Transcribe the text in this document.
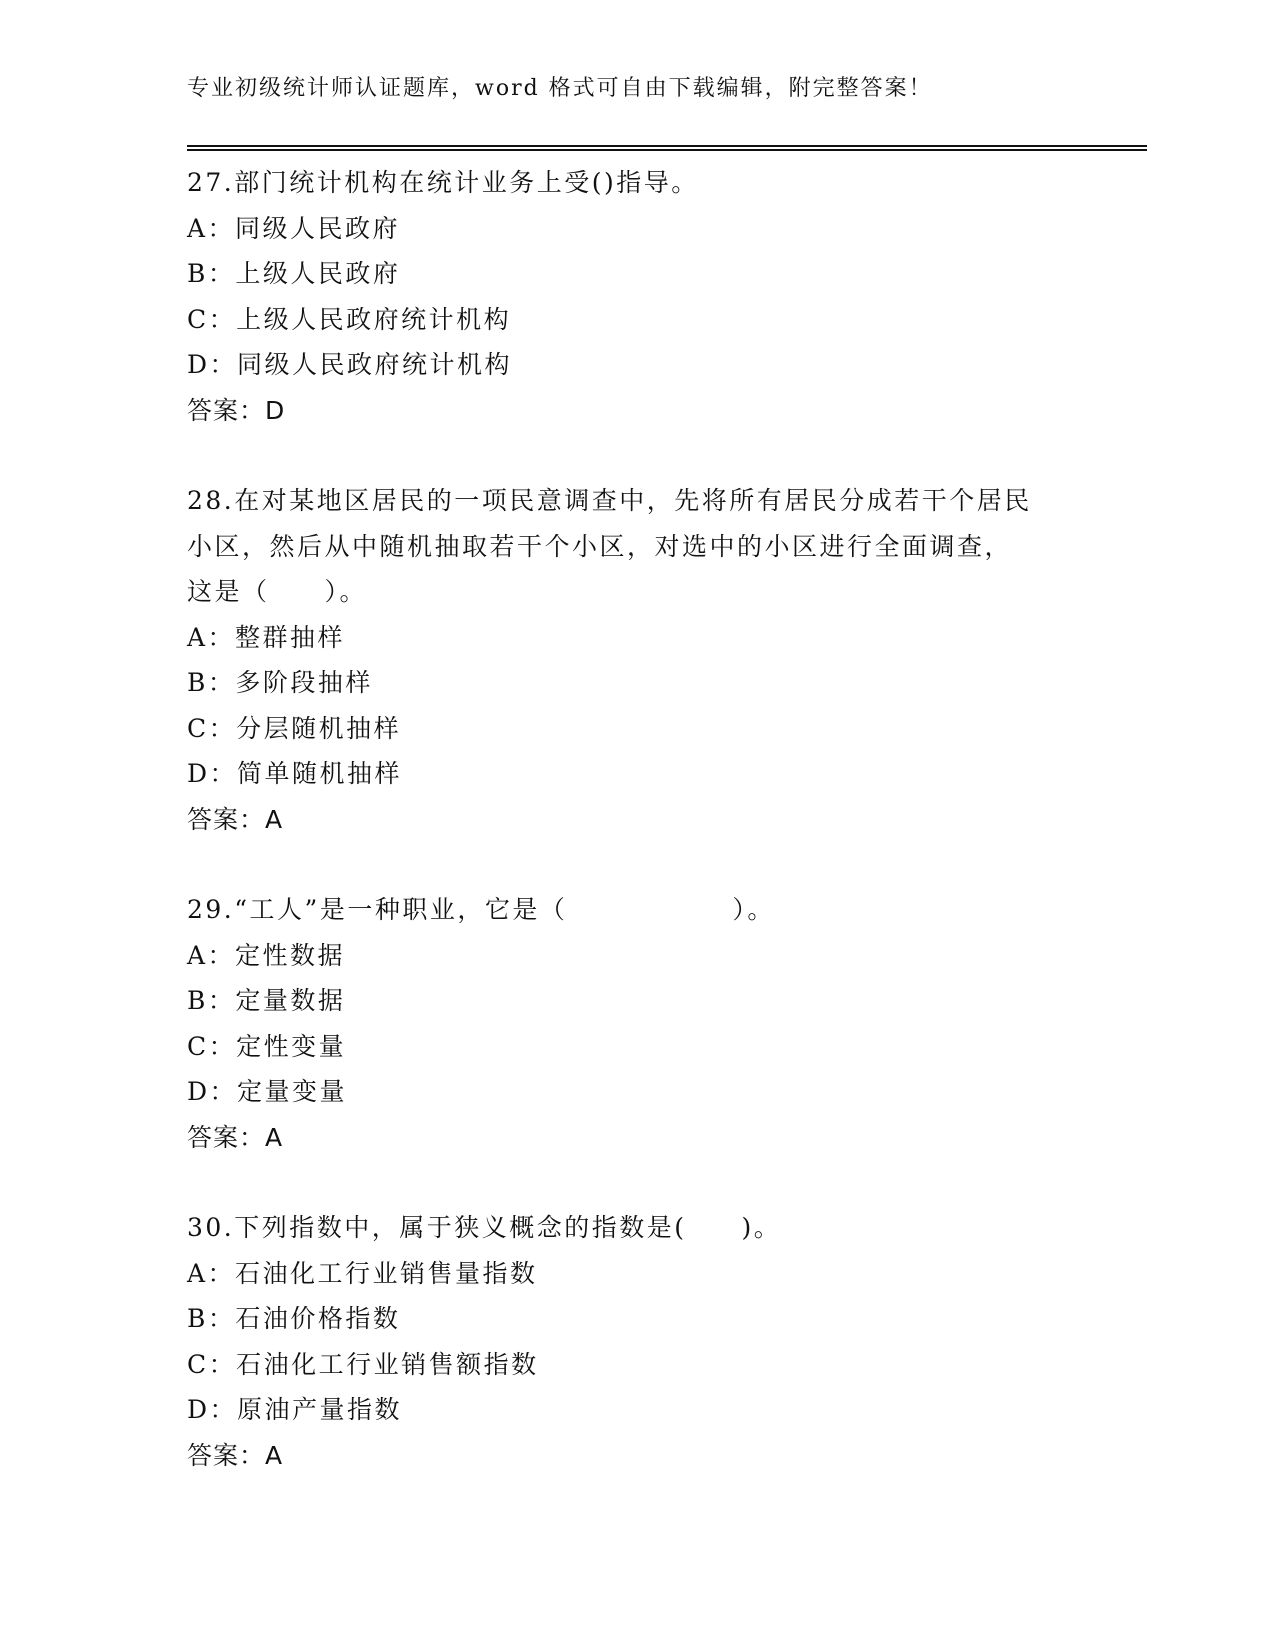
专业初级统计师认证题库，word 格式可自由下载编辑，附完整答案！
27.部门统计机构在统计业务上受()指导。
A：同级人民政府
B：上级人民政府
C：上级人民政府统计机构
D：同级人民政府统计机构
答案：D
28.在对某地区居民的一项民意调查中，先将所有居民分成若干个居民
小区，然后从中随机抽取若干个小区，对选中的小区进行全面调查，
这是（　　）。
A：整群抽样
B：多阶段抽样
C：分层随机抽样
D：简单随机抽样
答案：A
29.“工人”是一种职业，它是（　　　　　　）。
A：定性数据
B：定量数据
C：定性变量
D：定量变量
答案：A
30.下列指数中，属于狭义概念的指数是(　　)。
A：石油化工行业销售量指数
B：石油价格指数
C：石油化工行业销售额指数
D：原油产量指数
答案：A
